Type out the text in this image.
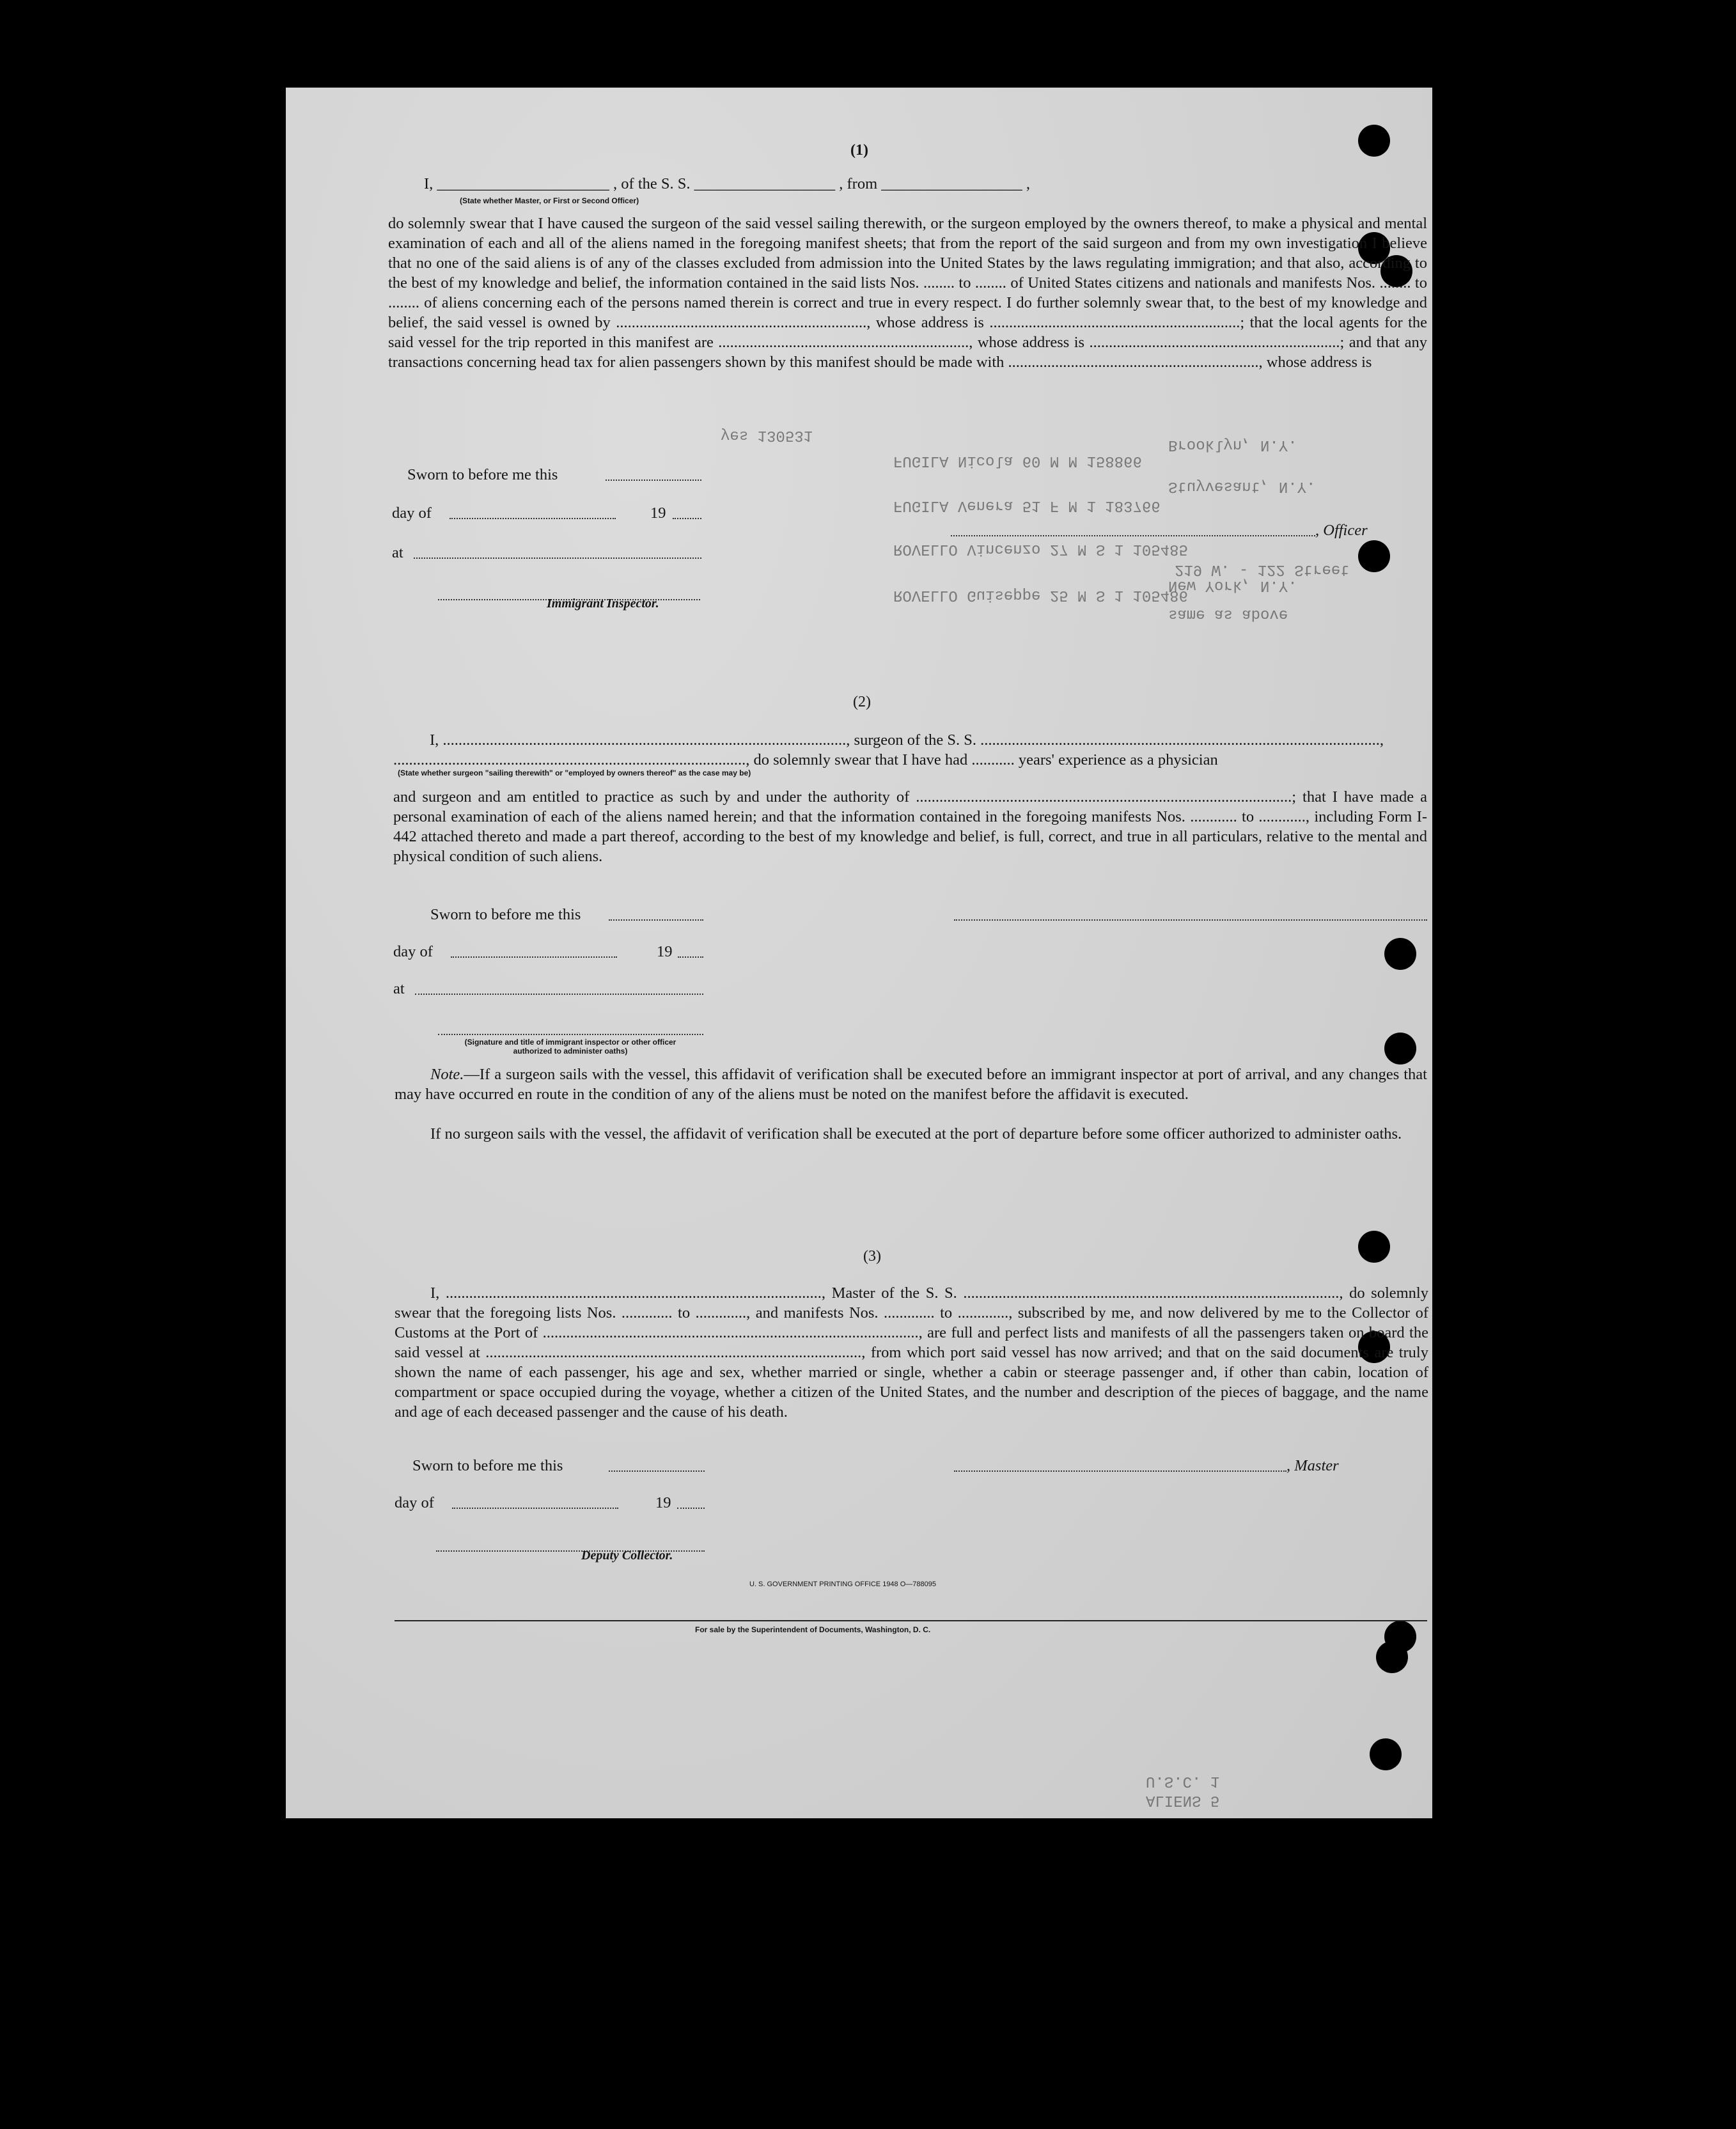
ROVELLO Guiseppe 25 M S 1 105486
same as above
ROVELLO Vincenzo 27 M S 1 105485
219 W. - 122 Street
New York, N.Y.
FUGILA Venera 51 F M 1 183766
Stuyvesant, N.Y.
FUGILA Nicola 60 M M 158866
Brooklyn, N.Y.
yes 130531
U.S.C. 1
ALIENS 5
(1)
I, ______________________ , of the S. S. __________________ , from __________________ ,
(State whether Master, or First or Second Officer)
do solemnly swear that I have caused the surgeon of the said vessel sailing therewith, or the surgeon employed by the owners thereof, to make a physical and mental examination of each and all of the aliens named in the foregoing manifest sheets; that from the report of the said surgeon and from my own investigation I believe that no one of the said aliens is of any of the classes excluded from admission into the United States by the laws regulating immigration; and that also, according to the best of my knowledge and belief, the information contained in the said lists Nos. ........ to ........ of United States citizens and nationals and manifests Nos. ........ to ........ of aliens concerning each of the persons named therein is correct and true in every respect. I do further solemnly swear that, to the best of my knowledge and belief, the said vessel is owned by ................................................................, whose address is ................................................................; that the local agents for the said vessel for the trip reported in this manifest are ................................................................, whose address is ................................................................; and that any transactions concerning head tax for alien passengers shown by this manifest should be made with ................................................................, whose address is
Sworn to before me this
day of	19
, Officer
at
Immigrant Inspector.
(2)
I, ......................................................................................................., surgeon of the S. S. ......................................................................................................,
.........................................................................................., do solemnly swear that I have had ........... years' experience as a physician
(State whether surgeon "sailing therewith" or "employed by owners thereof" as the case may be)
and surgeon and am entitled to practice as such by and under the authority of ................................................................................................; that I have made a personal examination of each of the aliens named herein; and that the information contained in the foregoing manifests Nos. ............ to ............, including Form I-442 attached thereto and made a part thereof, according to the best of my knowledge and belief, is full, correct, and true in all particulars, relative to the mental and physical condition of such aliens.
Sworn to before me this
day of	19
at
(Signature and title of immigrant inspector or other officer authorized to administer oaths)
Note.—If a surgeon sails with the vessel, this affidavit of verification shall be executed before an immigrant inspector at port of arrival, and any changes that may have occurred en route in the condition of any of the aliens must be noted on the manifest before the affidavit is executed.
If no surgeon sails with the vessel, the affidavit of verification shall be executed at the port of departure before some officer authorized to administer oaths.
(3)
I, ................................................................................................, Master of the S. S. ................................................................................................, do solemnly swear that the foregoing lists Nos. ............. to ............., and manifests Nos. ............. to ............., subscribed by me, and now delivered by me to the Collector of Customs at the Port of ................................................................................................, are full and perfect lists and manifests of all the passengers taken on board the said vessel at ................................................................................................, from which port said vessel has now arrived; and that on the said documents are truly shown the name of each passenger, his age and sex, whether married or single, whether a cabin or steerage passenger and, if other than cabin, location of compartment or space occupied during the voyage, whether a citizen of the United States, and the number and description of the pieces of baggage, and the name and age of each deceased passenger and the cause of his death.
Sworn to before me this	, Master
day of	19
Deputy Collector.
U. S. GOVERNMENT PRINTING OFFICE 1948 O—788095
For sale by the Superintendent of Documents, Washington, D. C.
